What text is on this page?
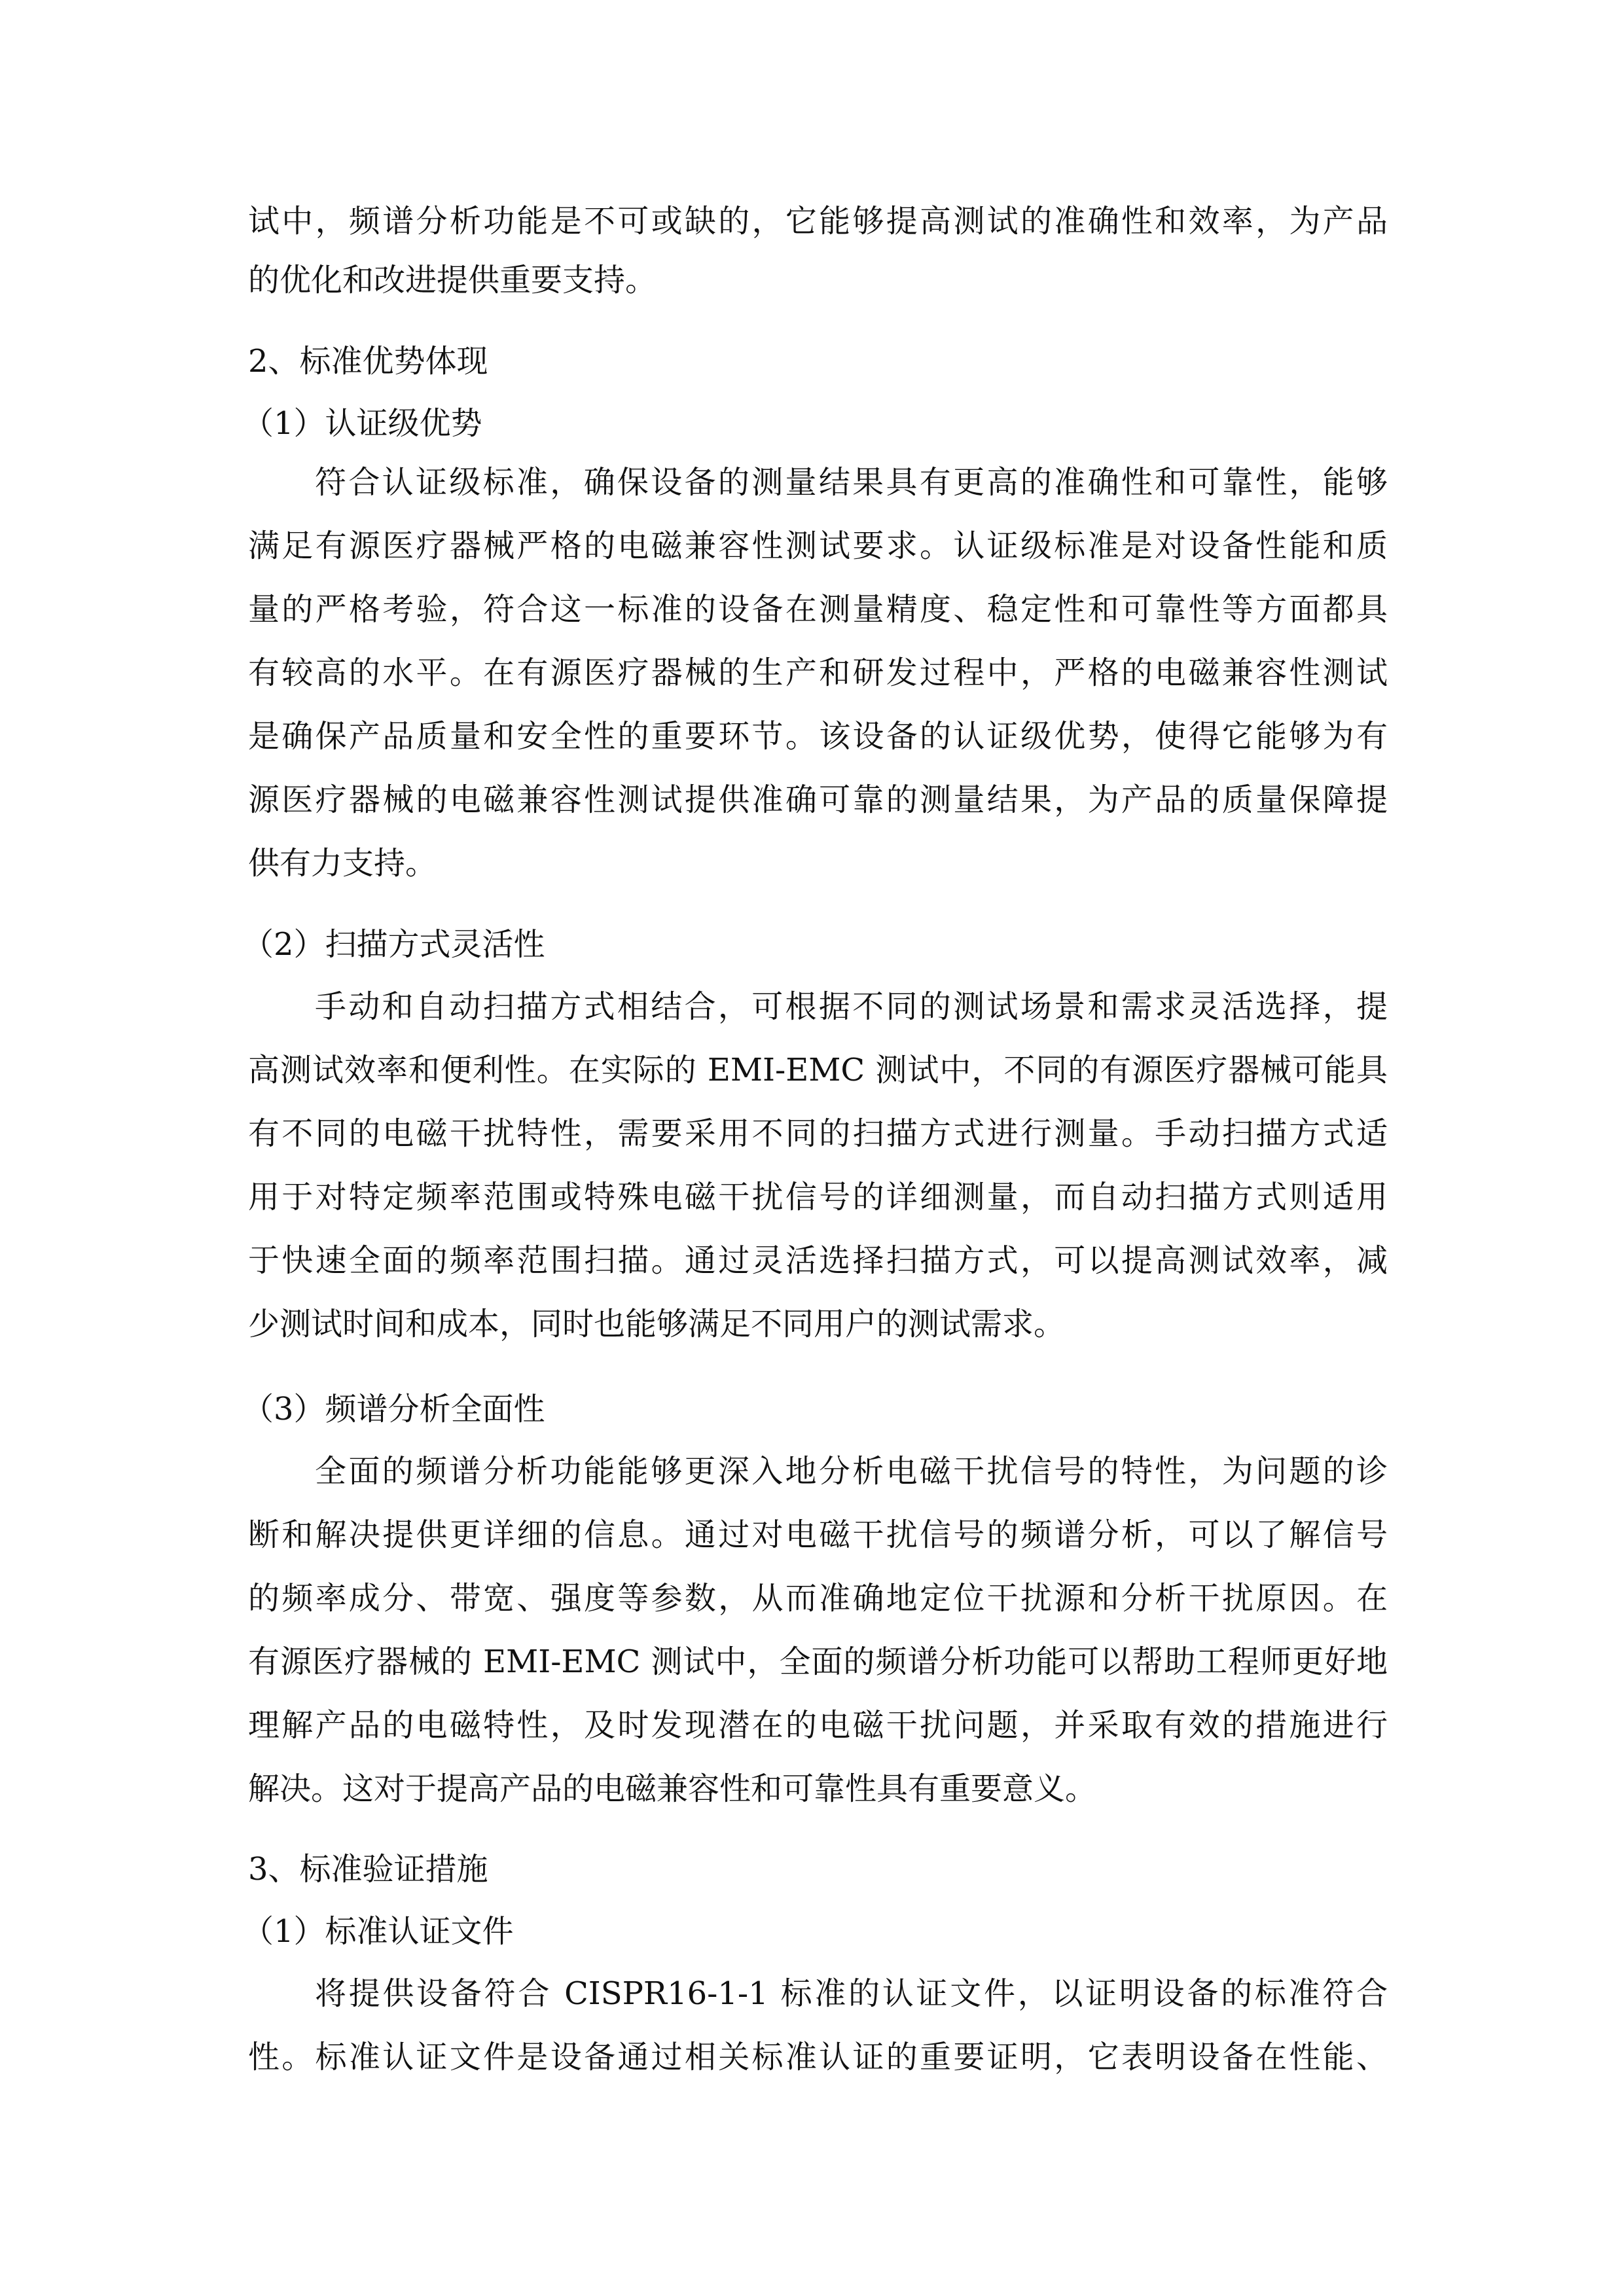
试中，频谱分析功能是不可或缺的，它能够提高测试的准确性和效率，为产品
的优化和改进提供重要支持。
2、标准优势体现
（1）认证级优势
符合认证级标准，确保设备的测量结果具有更高的准确性和可靠性，能够
满足有源医疗器械严格的电磁兼容性测试要求。认证级标准是对设备性能和质
量的严格考验，符合这一标准的设备在测量精度、稳定性和可靠性等方面都具
有较高的水平。在有源医疗器械的生产和研发过程中，严格的电磁兼容性测试
是确保产品质量和安全性的重要环节。该设备的认证级优势，使得它能够为有
源医疗器械的电磁兼容性测试提供准确可靠的测量结果，为产品的质量保障提
供有力支持。
（2）扫描方式灵活性
手动和自动扫描方式相结合，可根据不同的测试场景和需求灵活选择，提
高测试效率和便利性。在实际的 EMI-EMC 测试中，不同的有源医疗器械可能具
有不同的电磁干扰特性，需要采用不同的扫描方式进行测量。手动扫描方式适
用于对特定频率范围或特殊电磁干扰信号的详细测量，而自动扫描方式则适用
于快速全面的频率范围扫描。通过灵活选择扫描方式，可以提高测试效率，减
少测试时间和成本，同时也能够满足不同用户的测试需求。
（3）频谱分析全面性
全面的频谱分析功能能够更深入地分析电磁干扰信号的特性，为问题的诊
断和解决提供更详细的信息。通过对电磁干扰信号的频谱分析，可以了解信号
的频率成分、带宽、强度等参数，从而准确地定位干扰源和分析干扰原因。在
有源医疗器械的 EMI-EMC 测试中，全面的频谱分析功能可以帮助工程师更好地
理解产品的电磁特性，及时发现潜在的电磁干扰问题，并采取有效的措施进行
解决。这对于提高产品的电磁兼容性和可靠性具有重要意义。
3、标准验证措施
（1）标准认证文件
将提供设备符合 CISPR16-1-1 标准的认证文件，以证明设备的标准符合
性。标准认证文件是设备通过相关标准认证的重要证明，它表明设备在性能、
